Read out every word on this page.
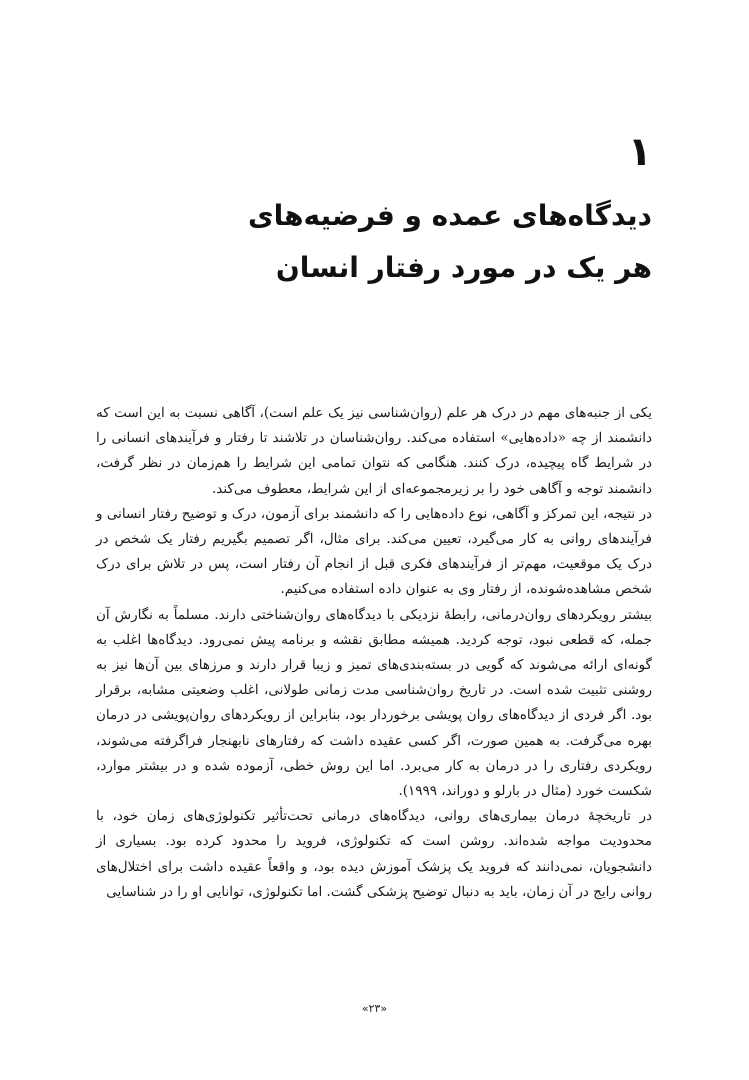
۱
دیدگاه‌های عمده و فرضیه‌های
هر یک در مورد رفتار انسان

یکی از جنبه‌های مهم در درک هر علم (روان‌شناسی نیز یک علم است)، آگاهی نسبت به این است که دانشمند از چه «داده‌هایی» استفاده می‌کند. روان‌شناسان در تلاشند تا رفتار و فرآیندهای انسانی را در شرایط گاه پیچیده، درک کنند. هنگامی که نتوان تمامی این شرایط را هم‌زمان در نظر گرفت، دانشمند توجه و آگاهی خود را بر زیرمجموعه‌ای از این شرایط، معطوف می‌کند.

در نتیجه، این تمرکز و آگاهی، نوع داده‌هایی را که دانشمند برای آزمون، درک و توضیح رفتار انسانی و فرآیندهای روانی به کار می‌گیرد، تعیین می‌کند. برای مثال، اگر تصمیم بگیریم رفتار یک شخص در درک یک موقعیت، مهم‌تر از فرآیندهای فکری قبل از انجام آن رفتار است، پس در تلاش برای درک شخص مشاهده‌شونده، از رفتار وی به عنوان داده استفاده می‌کنیم.

بیشتر رویکردهای روان‌درمانی، رابطهٔ نزدیکی با دیدگاه‌های روان‌شناختی دارند. مسلماً به نگارش آن جمله، که قطعی نبود، توجه کردید. همیشه مطابق نقشه و برنامه پیش نمی‌رود. دیدگاه‌ها اغلب به گونه‌ای ارائه می‌شوند که گویی در بسته‌بندی‌های تمیز و زیبا قرار دارند و مرزهای بین آن‌ها نیز به روشنی تثبیت شده است. در تاریخ روان‌شناسی مدت زمانی طولانی، اغلب وضعیتی مشابه، برقرار بود. اگر فردی از دیدگاه‌های روان پویشی برخوردار بود، بنابراین از رویکردهای روان‌پویشی در درمان بهره می‌گرفت. به همین صورت، اگر کسی عقیده داشت که رفتارهای نابهنجار فراگرفته می‌شوند، رویکردی رفتاری را در درمان به کار می‌برد. اما این روش خطی، آزموده شده و در بیشتر موارد، شکست خورد (مثال در بارلو و دوراند، ۱۹۹۹).

در تاریخچهٔ درمان بیماری‌های روانی، دیدگاه‌های درمانی تحت‌تأثیر تکنولوژی‌های زمان خود، با محدودیت مواجه شده‌اند. روشن است که تکنولوژی، فروید را محدود کرده بود. بسیاری از دانشجویان، نمی‌دانند که فروید یک پزشک آموزش دیده بود، و واقعاً عقیده داشت برای اختلال‌های روانی رایج در آن زمان، باید به دنبال توضیح پزشکی گشت. اما تکنولوژی، توانایی او را در شناسایی

«۲۳»
